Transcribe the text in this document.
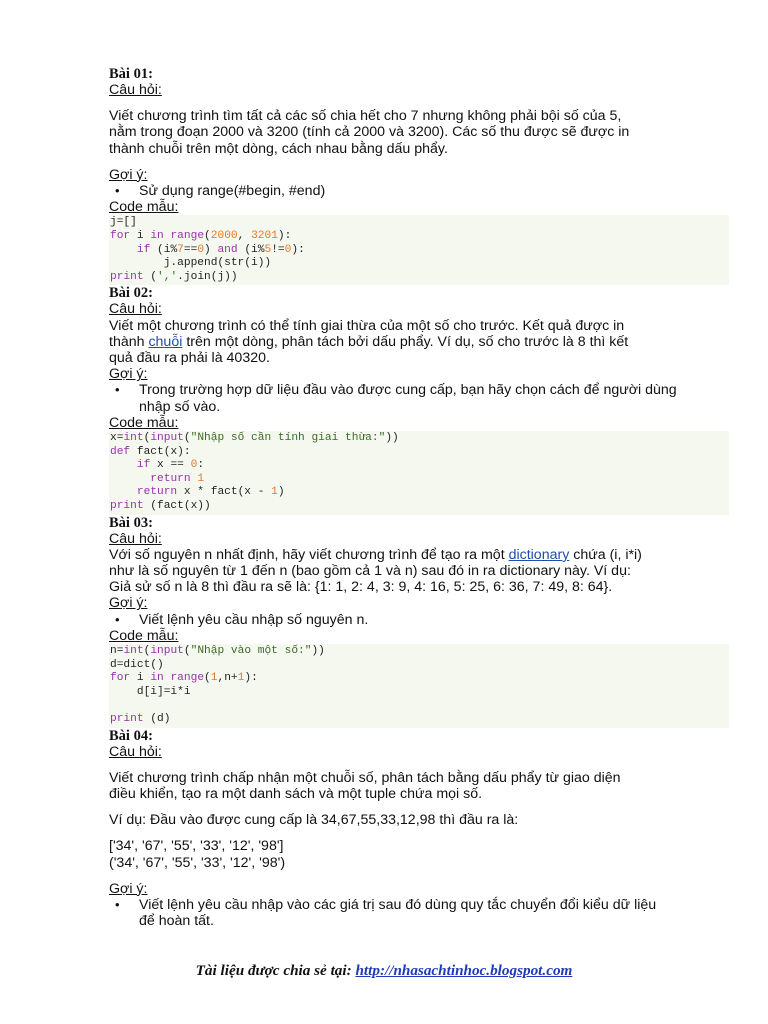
Bài 01:
Câu hỏi:

Viết chương trình tìm tất cả các số chia hết cho 7 nhưng không phải bội số của 5,
nằm trong đoạn 2000 và 3200 (tính cả 2000 và 3200). Các số thu được sẽ được in
thành chuỗi trên một dòng, cách nhau bằng dấu phẩy.

Gợi ý:
• Sử dụng range(#begin, #end)
Code mẫu:
j=[]
for i in range(2000, 3201):
if (i%7==0) and (i%5!=0):
j.append(str(i))
print (','.join(j))
Bài 02:
Câu hỏi:

Viết một chương trình có thể tính giai thừa của một số cho trước. Kết quả được in
thành chuỗi trên một dòng, phân tách bởi dấu phẩy. Ví dụ, số cho trước là 8 thì kết
quả đầu ra phải là 40320.

Gợi ý:
• Trong trường hợp dữ liệu đầu vào được cung cấp, bạn hãy chọn cách để người dùng nhập số vào.
Code mẫu:
x=int(input("Nhập số cần tính giai thừa:"))
def fact(x):
if x == 0:
return 1
return x * fact(x - 1)
print (fact(x))
Bài 03:
Câu hỏi:

Với số nguyên n nhất định, hãy viết chương trình để tạo ra một dictionary chứa (i, i*i)
như là số nguyên từ 1 đến n (bao gồm cả 1 và n) sau đó in ra dictionary này. Ví dụ:
Giả sử số n là 8 thì đầu ra sẽ là: {1: 1, 2: 4, 3: 9, 4: 16, 5: 25, 6: 36, 7: 49, 8: 64}.

Gợi ý:
• Viết lệnh yêu cầu nhập số nguyên n.
Code mẫu:
n=int(input("Nhập vào một số:"))
d=dict()
for i in range(1,n+1):
d[i]=i*i

print (d)
Bài 04:
Câu hỏi:

Viết chương trình chấp nhận một chuỗi số, phân tách bằng dấu phẩy từ giao diện
điều khiển, tạo ra một danh sách và một tuple chứa mọi số.

Ví dụ: Đầu vào được cung cấp là 34,67,55,33,12,98 thì đầu ra là:

['34', '67', '55', '33', '12', '98']
('34', '67', '55', '33', '12', '98')

Gợi ý:
• Viết lệnh yêu cầu nhập vào các giá trị sau đó dùng quy tắc chuyển đổi kiểu dữ liệu để hoàn tất.
Tài liệu được chia sẻ tại: http://nhasachtinhoc.blogspot.com
